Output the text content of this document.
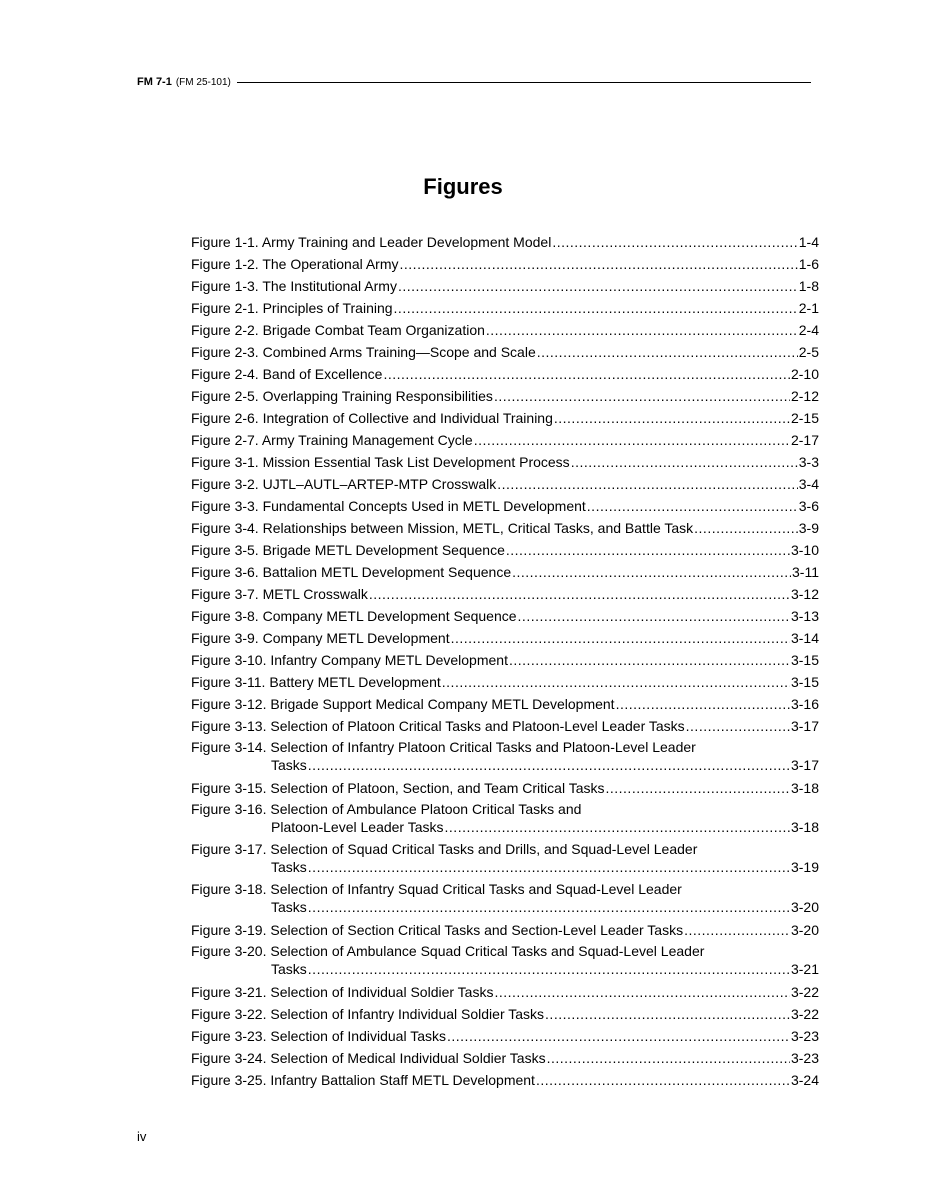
FM 7-1 (FM 25-101)
Figures
Figure 1-1. Army Training and Leader Development Model .....	1-4
Figure 1-2. The Operational Army .....	1-6
Figure 1-3. The Institutional Army .....	1-8
Figure 2-1. Principles of Training .....	2-1
Figure 2-2. Brigade Combat Team Organization .....	2-4
Figure 2-3. Combined Arms Training—Scope and Scale .....	2-5
Figure 2-4. Band of Excellence .....	2-10
Figure 2-5. Overlapping Training Responsibilities .....	2-12
Figure 2-6. Integration of Collective and Individual Training .....	2-15
Figure 2-7. Army Training Management Cycle .....	2-17
Figure 3-1. Mission Essential Task List Development Process .....	3-3
Figure 3-2. UJTL–AUTL–ARTEP-MTP Crosswalk .....	3-4
Figure 3-3. Fundamental Concepts Used in METL Development .....	3-6
Figure 3-4. Relationships between Mission, METL, Critical Tasks, and Battle Task .....	3-9
Figure 3-5. Brigade METL Development Sequence .....	3-10
Figure 3-6. Battalion METL Development Sequence .....	3-11
Figure 3-7. METL Crosswalk .....	3-12
Figure 3-8. Company METL Development Sequence .....	3-13
Figure 3-9. Company METL Development .....	3-14
Figure 3-10. Infantry Company METL Development .....	3-15
Figure 3-11. Battery METL Development .....	3-15
Figure 3-12. Brigade Support Medical Company METL Development .....	3-16
Figure 3-13. Selection of Platoon Critical Tasks and Platoon-Level Leader Tasks .....	3-17
Figure 3-14. Selection of Infantry Platoon Critical Tasks and Platoon-Level Leader
Tasks .....	3-17
Figure 3-15. Selection of Platoon, Section, and Team Critical Tasks .....	3-18
Figure 3-16. Selection of Ambulance Platoon Critical Tasks and
Platoon-Level Leader Tasks .....	3-18
Figure 3-17. Selection of Squad Critical Tasks and Drills, and Squad-Level Leader
Tasks .....	3-19
Figure 3-18. Selection of Infantry Squad Critical Tasks and Squad-Level Leader
Tasks .....	3-20
Figure 3-19. Selection of Section Critical Tasks and Section-Level Leader Tasks .....	3-20
Figure 3-20. Selection of Ambulance Squad Critical Tasks and Squad-Level Leader
Tasks .....	3-21
Figure 3-21. Selection of Individual Soldier Tasks .....	3-22
Figure 3-22. Selection of Infantry Individual Soldier Tasks .....	3-22
Figure 3-23. Selection of Individual Tasks .....	3-23
Figure 3-24. Selection of Medical Individual Soldier Tasks .....	3-23
Figure 3-25. Infantry Battalion Staff METL Development .....	3-24
iv
